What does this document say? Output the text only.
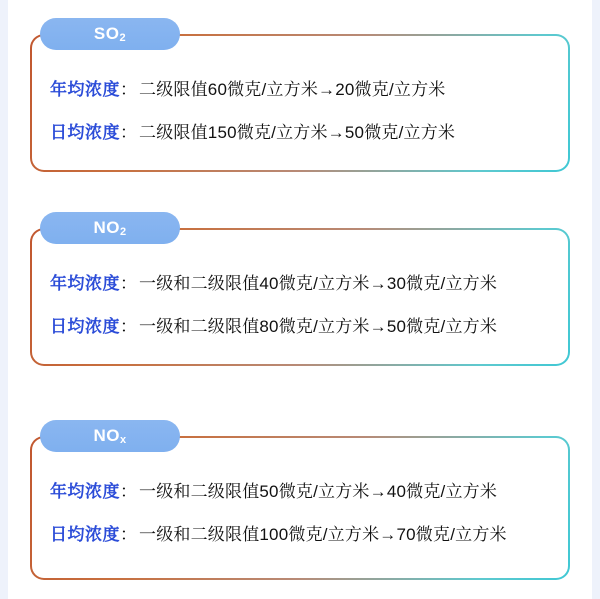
$SO_2$
年均浓度 ： 二级限值60微克/立方米→20微克/立方米
日均浓度 ： 二级限值150微克/立方米→50微克/立方米
$NO_2$
年均浓度 ： 一级和二级限值40微克/立方米→30微克/立方米
日均浓度 ： 一级和二级限值80微克/立方米→50微克/立方米
$NO_x$
年均浓度 ： 一级和二级限值50微克/立方米→40微克/立方米
日均浓度 ： 一级和二级限值100微克/立方米→70微克/立方米
